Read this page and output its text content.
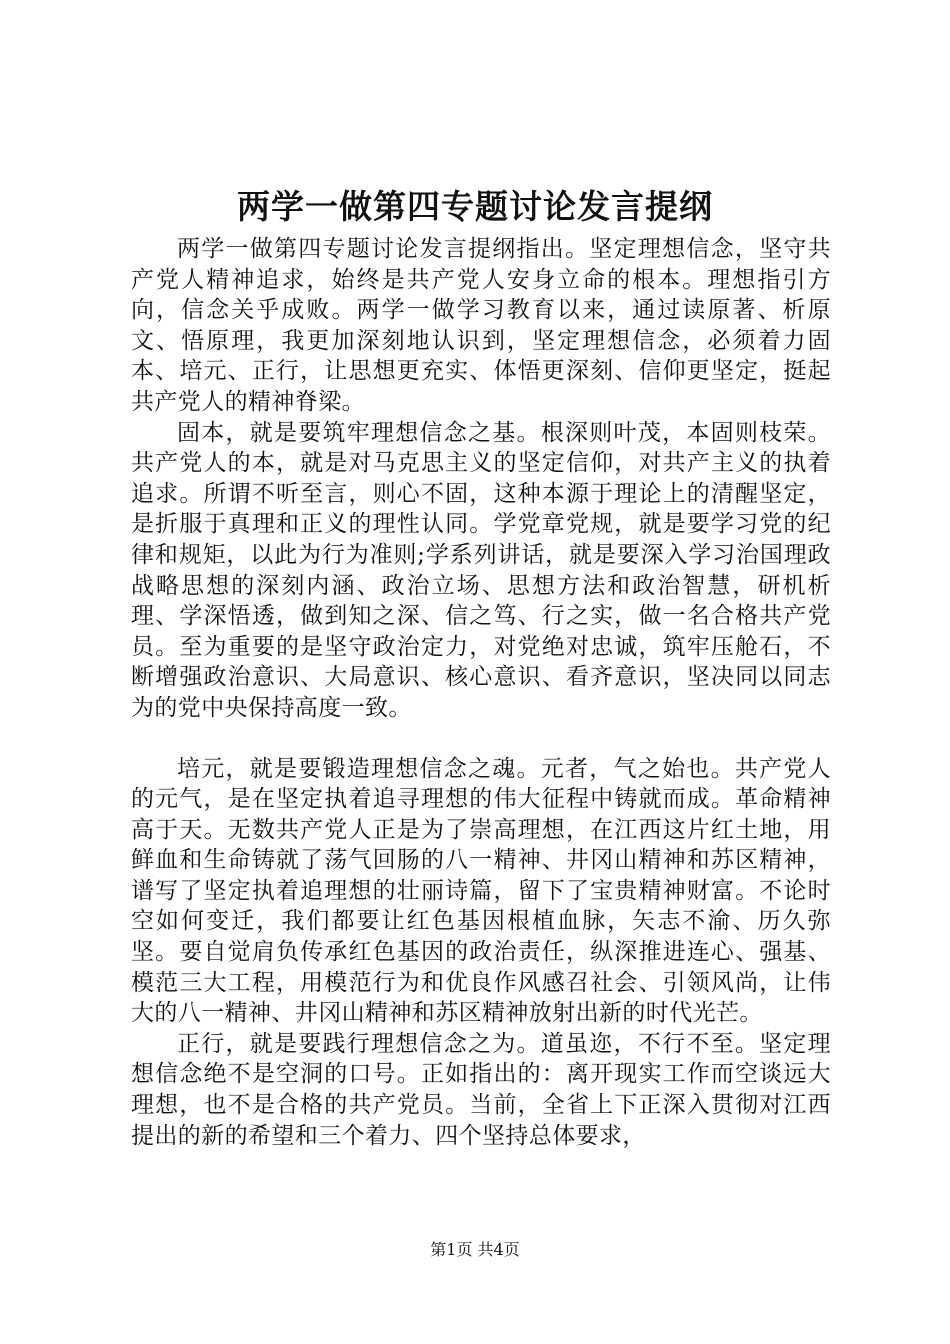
两学一做第四专题讨论发言提纲

两学一做第四专题讨论发言提纲指出。坚定理想信念，坚守共产党人精神追求，始终是共产党人安身立命的根本。理想指引方向，信念关乎成败。两学一做学习教育以来，通过读原著、析原文、悟原理，我更加深刻地认识到，坚定理想信念，必须着力固本、培元、正行，让思想更充实、体悟更深刻、信仰更坚定，挺起共产党人的精神脊梁。

固本，就是要筑牢理想信念之基。根深则叶茂，本固则枝荣。共产党人的本，就是对马克思主义的坚定信仰，对共产主义的执着追求。所谓不听至言，则心不固，这种本源于理论上的清醒坚定，是折服于真理和正义的理性认同。学党章党规，就是要学习党的纪律和规矩，以此为行为准则;学系列讲话，就是要深入学习治国理政战略思想的深刻内涵、政治立场、思想方法和政治智慧，研机析理、学深悟透，做到知之深、信之笃、行之实，做一名合格共产党员。至为重要的是坚守政治定力，对党绝对忠诚，筑牢压舱石，不断增强政治意识、大局意识、核心意识、看齐意识，坚决同以同志为的党中央保持高度一致。

培元，就是要锻造理想信念之魂。元者，气之始也。共产党人的元气，是在坚定执着追寻理想的伟大征程中铸就而成。革命精神高于天。无数共产党人正是为了崇高理想，在江西这片红土地，用鲜血和生命铸就了荡气回肠的八一精神、井冈山精神和苏区精神，谱写了坚定执着追理想的壮丽诗篇，留下了宝贵精神财富。不论时空如何变迁，我们都要让红色基因根植血脉，矢志不渝、历久弥坚。要自觉肩负传承红色基因的政治责任，纵深推进连心、强基、模范三大工程，用模范行为和优良作风感召社会、引领风尚，让伟大的八一精神、井冈山精神和苏区精神放射出新的时代光芒。

正行，就是要践行理想信念之为。道虽迩，不行不至。坚定理想信念绝不是空洞的口号。正如指出的：离开现实工作而空谈远大理想，也不是合格的共产党员。当前，全省上下正深入贯彻对江西提出的新的希望和三个着力、四个坚持总体要求，

第1页 共4页
